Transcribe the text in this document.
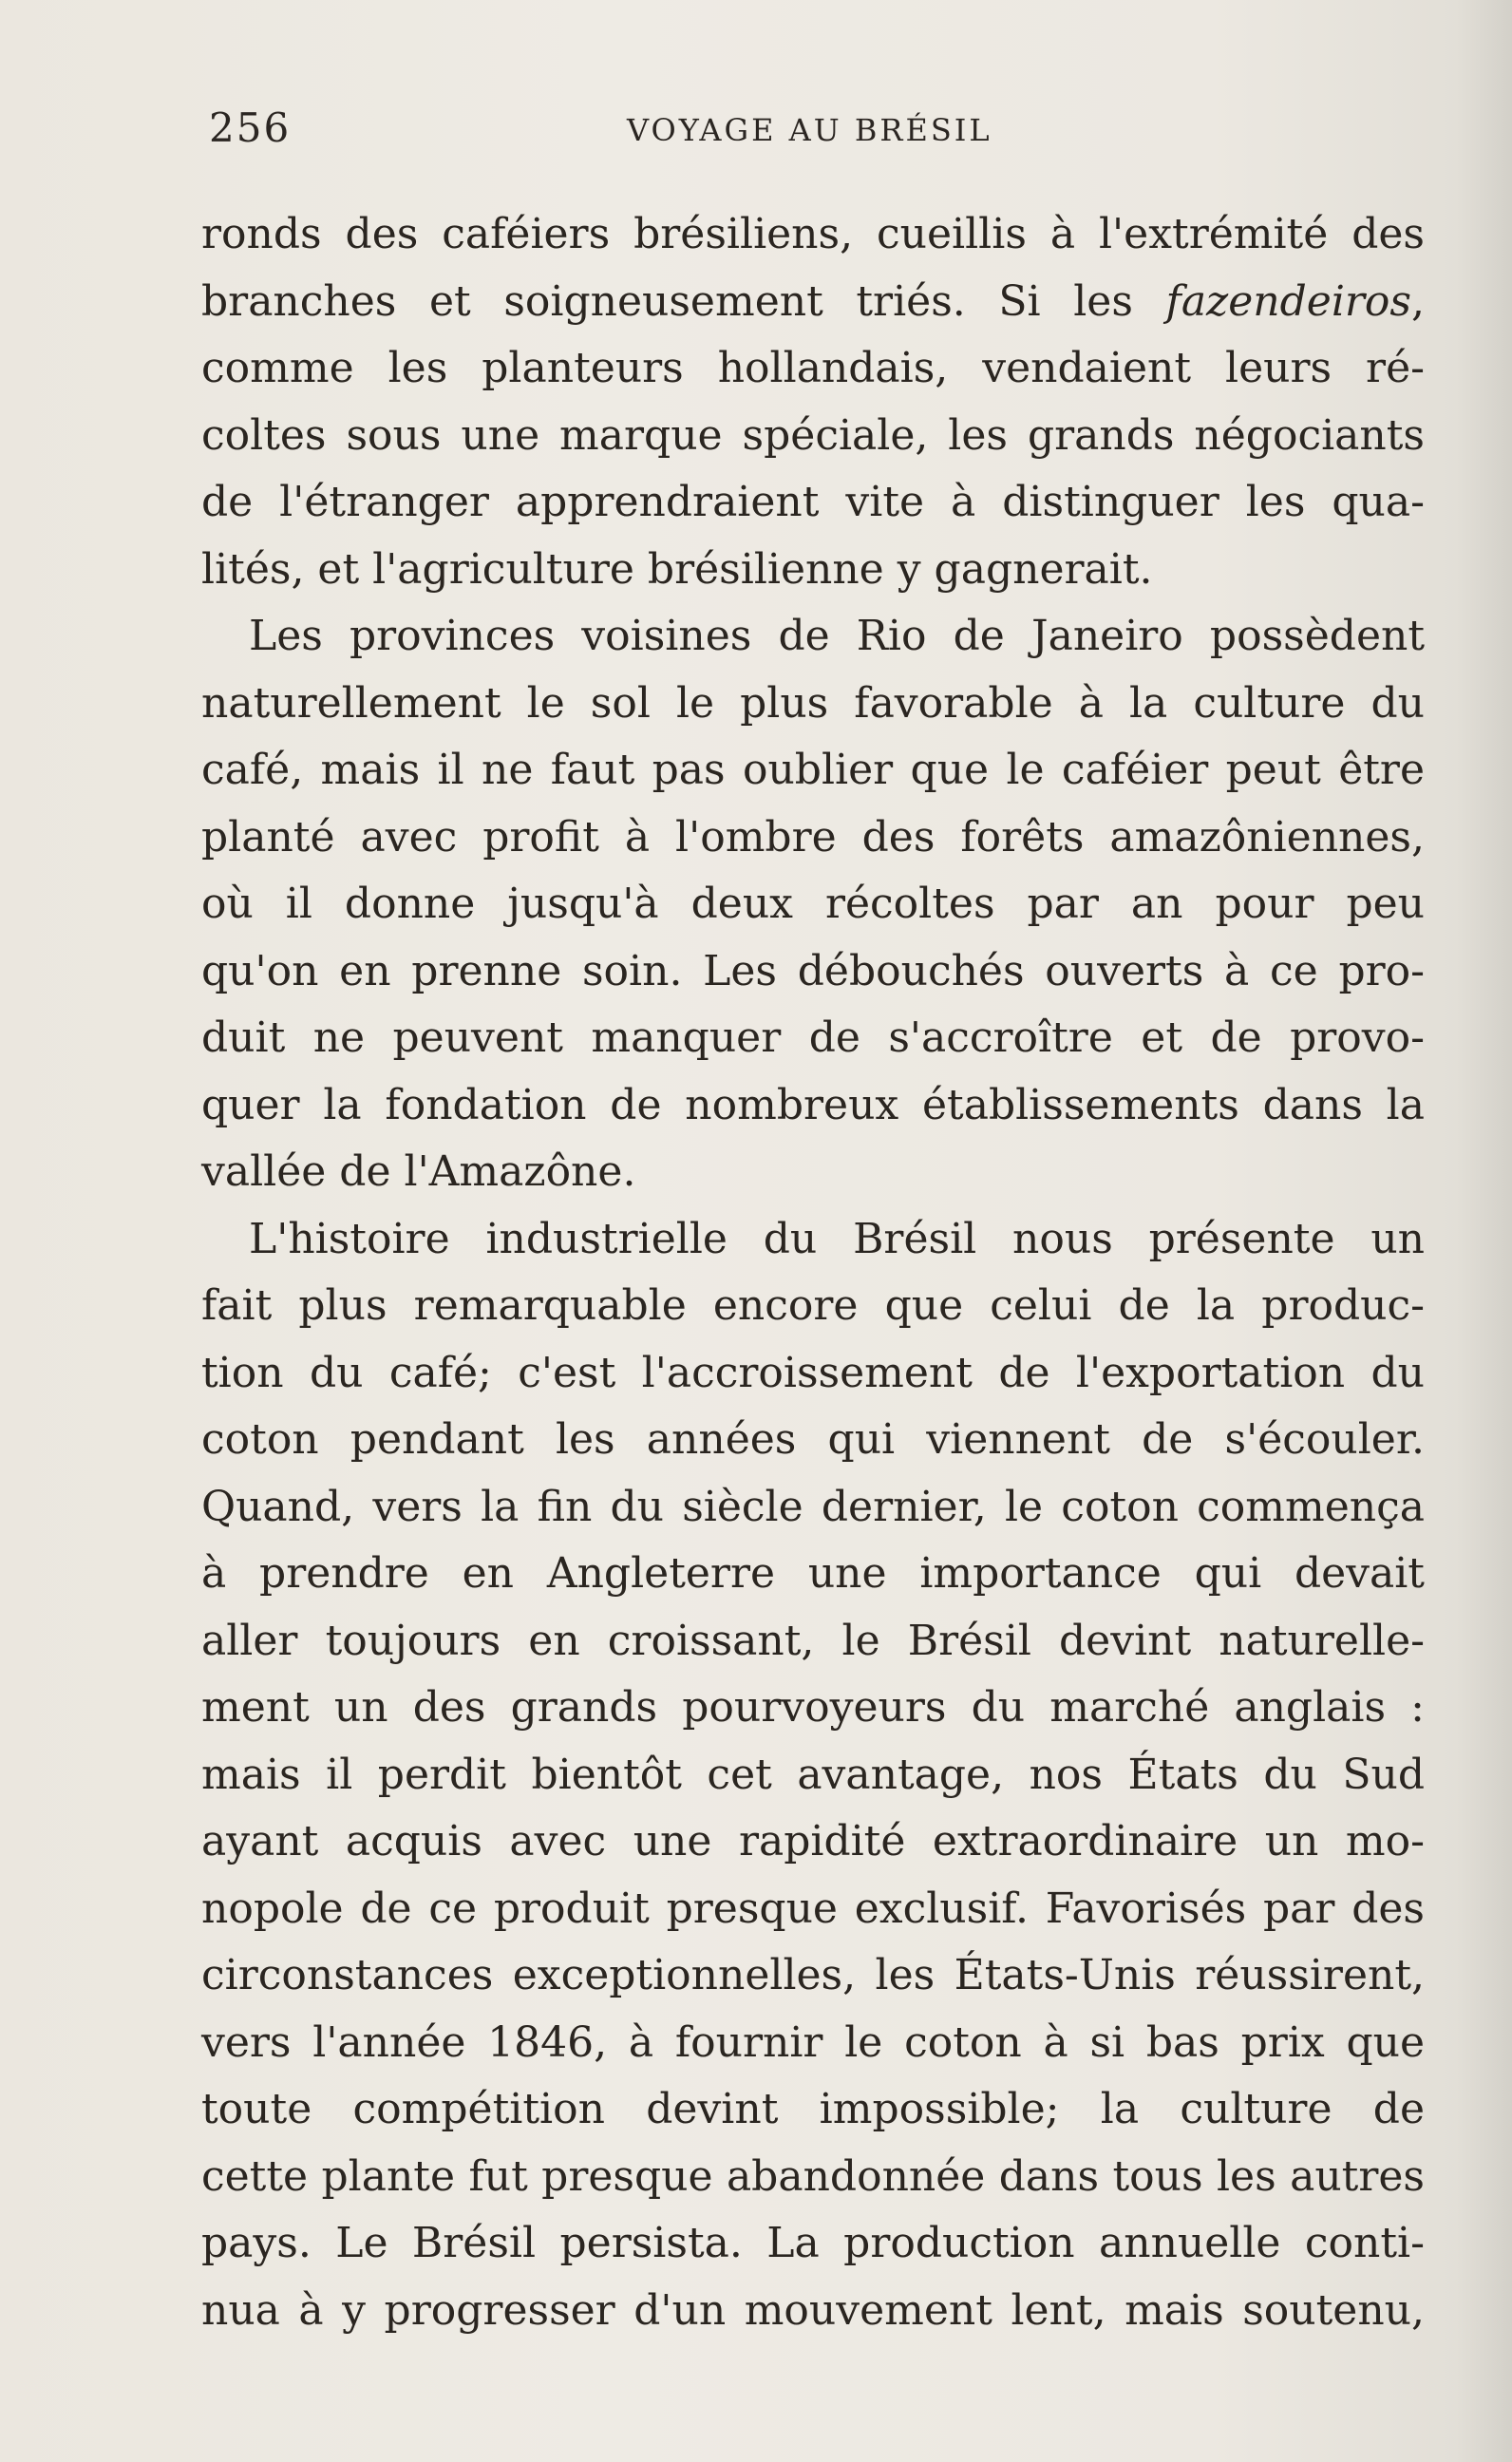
256	VOYAGE AU BRÉSIL
ronds des caféiers brésiliens, cueillis à l'extrémité des
branches et soigneusement triés. Si les fazendeiros,
comme les planteurs hollandais, vendaient leurs ré-
coltes sous une marque spéciale, les grands négociants
de l'étranger apprendraient vite à distinguer les qua-
lités, et l'agriculture brésilienne y gagnerait.
Les provinces voisines de Rio de Janeiro possèdent
naturellement le sol le plus favorable à la culture du
café, mais il ne faut pas oublier que le caféier peut être
planté avec profit à l'ombre des forêts amazôniennes,
où il donne jusqu'à deux récoltes par an pour peu
qu'on en prenne soin. Les débouchés ouverts à ce pro-
duit ne peuvent manquer de s'accroître et de provo-
quer la fondation de nombreux établissements dans la
vallée de l'Amazône.
L'histoire industrielle du Brésil nous présente un
fait plus remarquable encore que celui de la produc-
tion du café; c'est l'accroissement de l'exportation du
coton pendant les années qui viennent de s'écouler.
Quand, vers la fin du siècle dernier, le coton commença
à prendre en Angleterre une importance qui devait
aller toujours en croissant, le Brésil devint naturelle-
ment un des grands pourvoyeurs du marché anglais :
mais il perdit bientôt cet avantage, nos États du Sud
ayant acquis avec une rapidité extraordinaire un mo-
nopole de ce produit presque exclusif. Favorisés par des
circonstances exceptionnelles, les États-Unis réussirent,
vers l'année 1846, à fournir le coton à si bas prix que
toute compétition devint impossible; la culture de
cette plante fut presque abandonnée dans tous les autres
pays. Le Brésil persista. La production annuelle conti-
nua à y progresser d'un mouvement lent, mais soutenu,
